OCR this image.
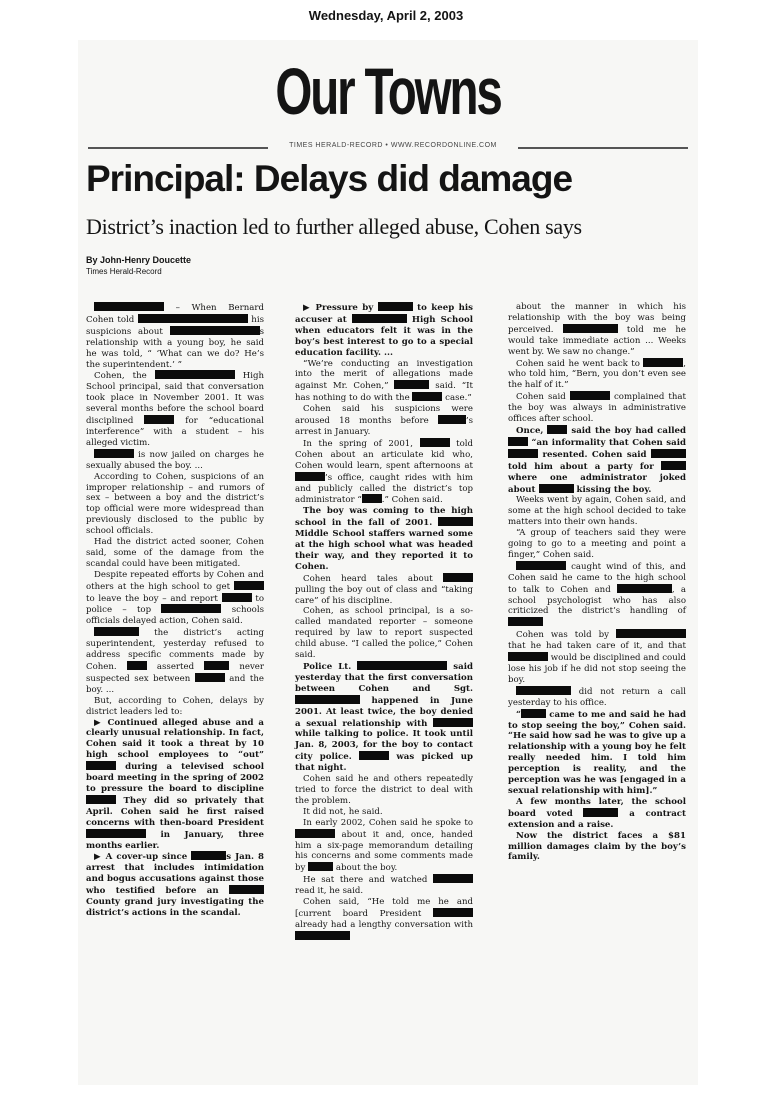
Wednesday, April 2, 2003
Our Towns
TIMES HERALD-RECORD • WWW.RECORDONLINE.COM
Principal: Delays did damage
District’s inaction led to further alleged abuse, Cohen says
By John-Henry Doucette
Times Herald-Record

– When Bernard Cohen told	his suspicions about	s relationship with a young boy, he said he was told, “ ‘What can we do? He’s the superintendent.’ ”

Cohen, the	High School principal, said that conversation took place in November 2001. It was several months before the school board disciplined	for “educational interference” with a student – his alleged victim.

is now jailed on charges he sexually abused the boy. ...

According to Cohen, suspicions of an improper relationship – and rumors of sex – between a boy and the district’s top official were more widespread than previously disclosed to the public by school officials.

Had the district acted sooner, Cohen said, some of the damage from the scandal could have been mitigated.

Despite repeated efforts by Cohen and others at the high school to get  to leave the boy – and report	to police – top	schools officials delayed action, Cohen said.

the district’s acting superintendent, yesterday refused to address specific comments made by Cohen.  asserted	never suspected sex between	and the boy. ...

But, according to Cohen, delays by district leaders led to:

▶ Continued alleged abuse and a clearly unusual relationship. In fact, Cohen said it took a threat by 10 high school employees to “out”  during a televised school board meeting in the spring of 2002 to pressure the board to discipline  They did so privately that April. Cohen said he first raised concerns with then-board President  in January, three months earlier.

▶ A cover-up since	s Jan. 8 arrest that includes intimidation and bogus accusations against those who testified before an  County grand jury investigating the district’s actions in the scandal.

▶ Pressure by	to keep his accuser at	High School when educators felt it was in the boy’s best interest to go to a special education facility. ...

“We’re conducting an investigation into the merit of allegations made against Mr. Cohen,”	said. “It has nothing to do with the	case.”

Cohen said his suspicions were aroused 18 months before	’s arrest in January.

In the spring of 2001,	told Cohen about an articulate kid who, Cohen would learn, spent afternoons at ’s office, caught rides with him and publicly called the district’s top administrator “ .” Cohen said.

The boy was coming to the high school in the fall of 2001.  Middle School staffers warned some at the high school what was headed their way, and they reported it to Cohen.

Cohen heard tales about  pulling the boy out of class and “taking care” of his discipline.

Cohen, as school principal, is a so-called mandated reporter – someone required by law to report suspected child abuse. “I called the police,” Cohen said.

Police Lt.	said yesterday that the first conversation between Cohen and Sgt.  happened in June 2001. At least twice, the boy denied a sexual relationship with  while talking to police. It took until Jan. 8, 2003, for the boy to contact city police.	was picked up that night.

Cohen said he and others repeatedly tried to force the district to deal with the problem.

It did not, he said.

In early 2002, Cohen said he spoke to  about it and, once, handed him a six-page memorandum detailing his concerns and some comments made by	about the boy.

He sat there and watched  read it, he said.

Cohen said, “He told me he and [current board President  already had a lengthy conversation with

about the manner in which his relationship with the boy was being perceived.	told me he would take immediate action ... Weeks went by. We saw no change.”

Cohen said he went back to	, who told him, “Bern, you don’t even see the half of it.”

Cohen said	complained that the boy was always in administrative offices after school.

Once,  said the boy had called  “an informality that Cohen said  resented. Cohen said  told him about a party for  where one administrator joked about	kissing the boy.

Weeks went by again, Cohen said, and some at the high school decided to take matters into their own hands.

“A group of teachers said they were going to go to a meeting and point a finger,” Cohen said.

caught wind of this, and Cohen said he came to the high school to talk to Cohen and	, a school psychologist who has also criticized the district’s handling of

Cohen was told by  that he had taken care of it, and that  would be disciplined and could lose his job if he did not stop seeing the boy.

did not return a call yesterday to his office.

“	came to me and said he had to stop seeing the boy,” Cohen said. “He said how sad he was to give up a relationship with a young boy he felt really needed him. I told him perception is reality, and the perception was he was [engaged in a sexual relationship with him].”

A few months later, the school board voted	a contract extension and a raise.

Now the district faces a $81 million damages claim by the boy’s family.
